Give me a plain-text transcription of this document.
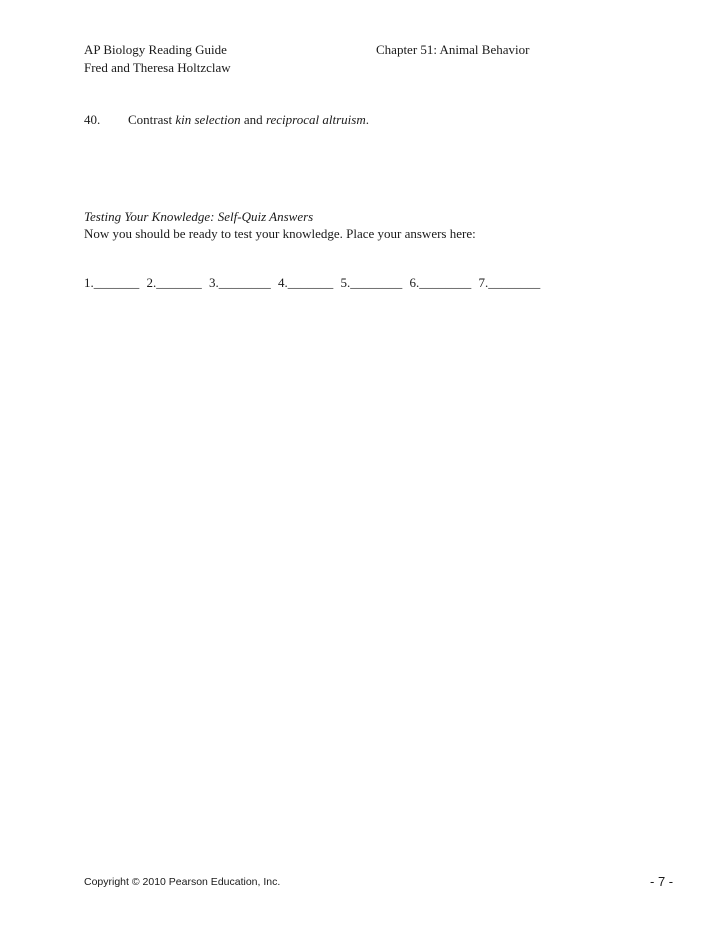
AP Biology Reading Guide
Fred and Theresa Holtzclaw
Chapter 51: Animal Behavior
40. Contrast kin selection and reciprocal altruism.
Testing Your Knowledge: Self-Quiz Answers
Now you should be ready to test your knowledge. Place your answers here:
1._______ 2._______ 3.________ 4._______ 5.________ 6.________ 7.________
Copyright © 2010 Pearson Education, Inc.	- 7 -
